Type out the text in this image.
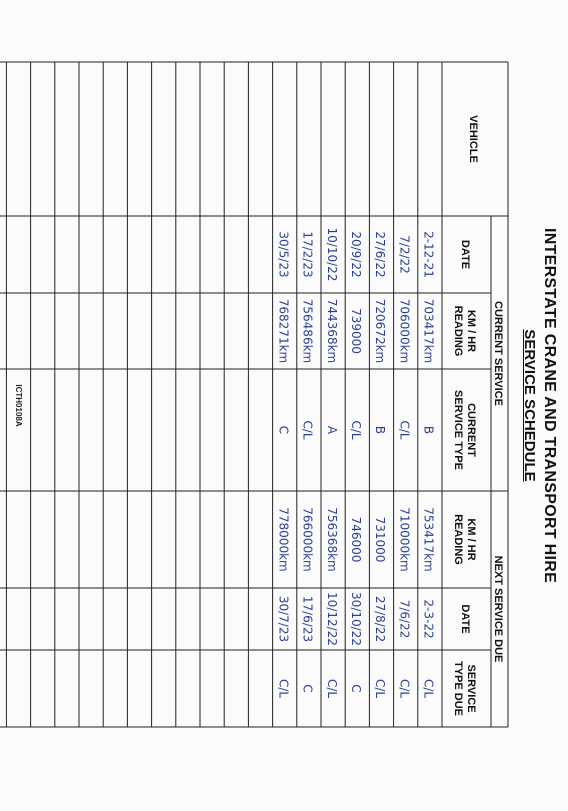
INTERSTATE CRANE AND TRANSPORT HIRE
SERVICE SCHEDULE
VEHICLE
CURRENT SERVICE
NEXT SERVICE DUE
DATE
KM / HR
READING
CURRENT
SERVICE TYPE
KM / HR
READING
DATE
SERVICE
TYPE DUE
2-12-21
703417km
B
753417km
2-3-22
C/L
7/2/22
706000km
C/L
710000km
7/6/22
C/L
27/6/22
720672km
B
731000
27/8/22
C/L
20/9/22
739000
C/L
746000
30/10/22
C
10/10/22
744368km
A
756368km
10/12/22
C/L
17/2/23
756486km
C/L
766000km
17/6/23
C
30/5/23
768271km
C
778000km
30/7/23
C/L
ICTH0108A
